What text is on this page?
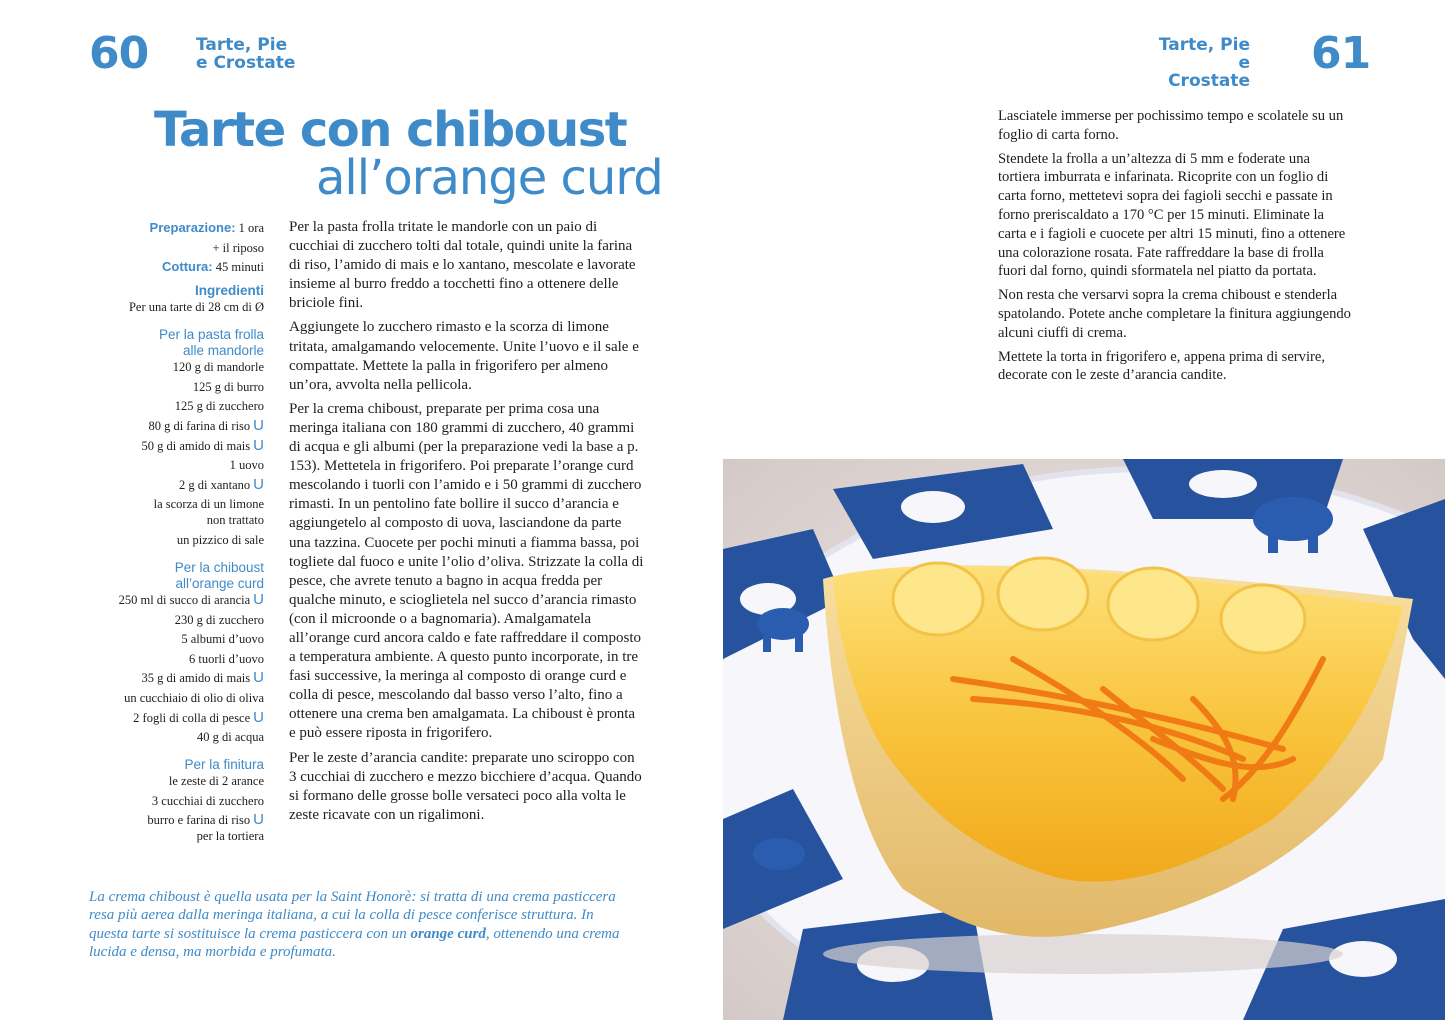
60	Tarte, Pie
e Crostate
Tarte con chiboust
all’orange curd
Preparazione: 1 ora
+ il riposo
Cottura: 45 minuti
Ingredienti
Per una tarte di 28 cm di Ø
Per la pasta frolla
alle mandorle
120 g di mandorle
125 g di burro
125 g di zucchero
80 g di farina di riso U
50 g di amido di mais U
1 uovo
2 g di xantano U
la scorza di un limone
non trattato
un pizzico di sale
Per la chiboust
all’orange curd
250 ml di succo di arancia U
230 g di zucchero
5 albumi d’uovo
6 tuorli d’uovo
35 g di amido di mais U
un cucchiaio di olio di oliva
2 fogli di colla di pesce U
40 g di acqua
Per la finitura
le zeste di 2 arance
3 cucchiai di zucchero
burro e farina di riso U
per la tortiera

Per la pasta frolla tritate le mandorle con un paio di cucchiai di zucchero tolti dal totale, quindi unite la farina di riso, l’amido di mais e lo xantano, mescolate e lavorate insieme al burro freddo a tocchetti fino a ottenere delle briciole fini.

Aggiungete lo zucchero rimasto e la scorza di limone tritata, amalgamando velocemente. Unite l’uovo e il sale e compattate. Mettete la palla in frigorifero per almeno un’ora, avvolta nella pellicola.

Per la crema chiboust, preparate per prima cosa una meringa italiana con 180 grammi di zucchero, 40 grammi di acqua e gli albumi (per la preparazione vedi la base a p. 153). Mettetela in frigorifero. Poi preparate l’orange curd mescolando i tuorli con l’amido e i 50 grammi di zucchero rimasti. In un pentolino fate bollire il succo d’arancia e aggiungetelo al composto di uova, lasciandone da parte una tazzina. Cuocete per pochi minuti a fiamma bassa, poi togliete dal fuoco e unite l’olio d’oliva. Strizzate la colla di pesce, che avrete tenuto a bagno in acqua fredda per qualche minuto, e scioglietela nel succo d’arancia rimasto (con il microonde o a bagnomaria). Amalgamatela all’orange curd ancora caldo e fate raffreddare il composto a temperatura ambiente. A questo punto incorporate, in tre fasi successive, la meringa al composto di orange curd e colla di pesce, mescolando dal basso verso l’alto, fino a ottenere una crema ben amalgamata. La chiboust è pronta e può essere riposta in frigorifero.

Per le zeste d’arancia candite: preparate uno sciroppo con 3 cucchiai di zucchero e mezzo bicchiere d’acqua. Quando si formano delle grosse bolle versateci poco alla volta le zeste ricavate con un rigalimoni.

La crema chiboust è quella usata per la Saint Honorè: si tratta di una crema pasticcera resa più aerea dalla meringa italiana, a cui la colla di pesce conferisce struttura. In questa tarte si sostituisce la crema pasticcera con un orange curd, ottenendo una crema lucida e densa, ma morbida e profumata.
Tarte, Pie
e Crostate
61

Lasciatele immerse per pochissimo tempo e scolatele su un foglio di carta forno.

Stendete la frolla a un’altezza di 5 mm e foderate una tortiera imburrata e infarinata. Ricoprite con un foglio di carta forno, mettetevi sopra dei fagioli secchi e passate in forno preriscaldato a 170 °C per 15 minuti. Eliminate la carta e i fagioli e cuocete per altri 15 minuti, fino a ottenere una colorazione rosata. Fate raffreddare la base di frolla fuori dal forno, quindi sformatela nel piatto da portata.

Non resta che versarvi sopra la crema chiboust e stenderla spatolando. Potete anche completare la finitura aggiungendo alcuni ciuffi di crema.

Mettete la torta in frigorifero e, appena prima di servire, decorate con le zeste d’arancia candite.
